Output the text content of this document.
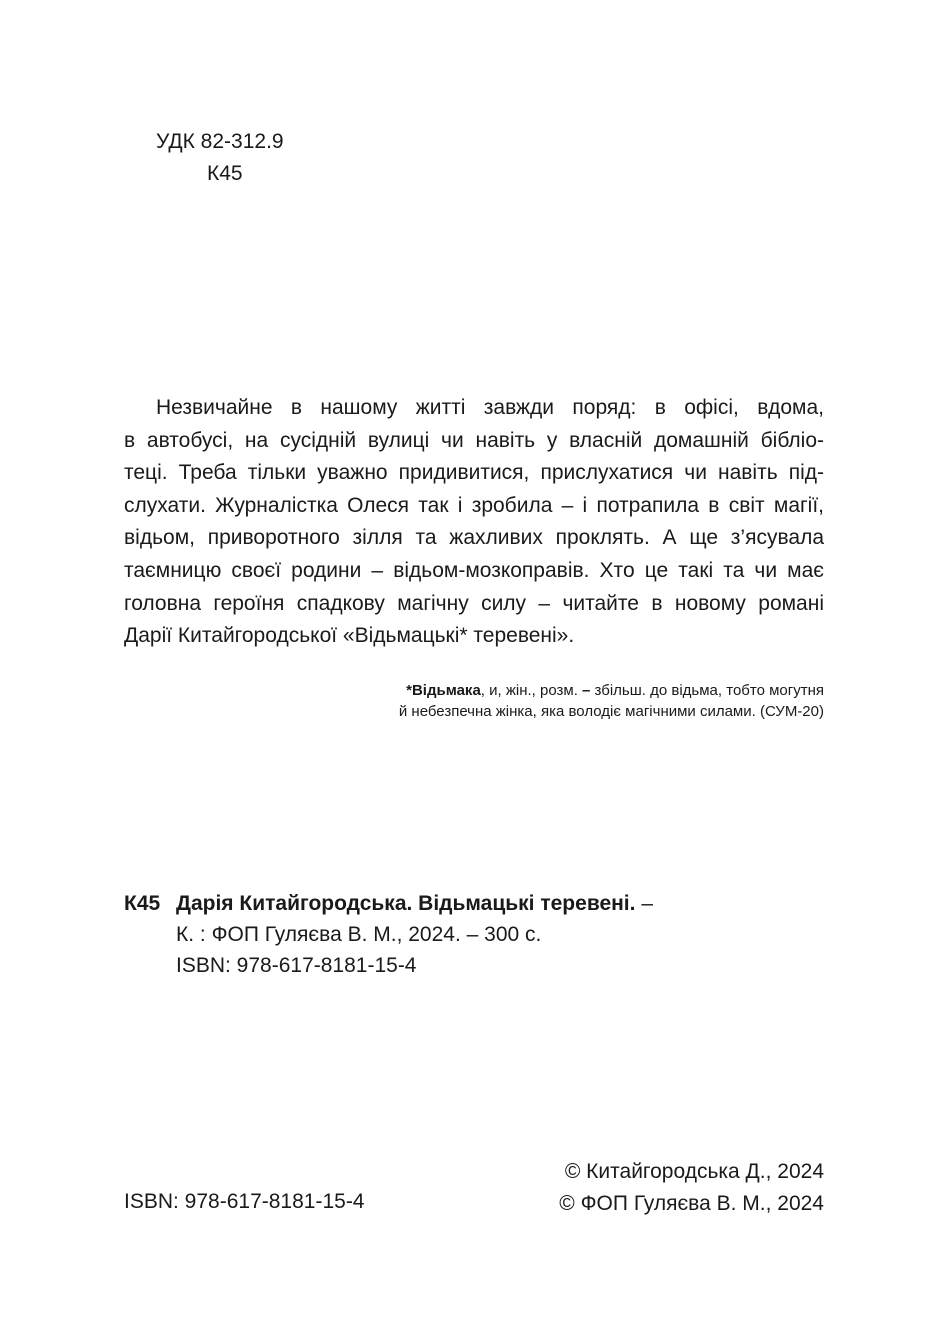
УДК 82-312.9
К45
Незвичайне в нашому житті завжди поряд: в офісі, вдома,
в автобусі, на сусідній вулиці чи навіть у власній домашній бібліо-
теці. Треба тільки уважно придивитися, прислухатися чи навіть під-
слухати. Журналістка Олеся так і зробила – і потрапила в світ магії,
відьом, приворотного зілля та жахливих проклять. А ще з’ясувала
таємницю своєї родини – відьом-мозкоправів. Хто це такі та чи має
головна героїня спадкову магічну силу – читайте в новому романі
Дарії Китайгородської «Відьмацькі* теревені».
*Відьмака, и, жін., розм. – збільш. до відьма, тобто могутня
й небезпечна жінка, яка володіє магічними силами. (СУМ-20)
К45 Дарія Китайгородська. Відьмацькі теревені. –
К. : ФОП Гуляєва В. М., 2024. – 300 с.
ISBN: 978-617-8181-15-4
ISBN: 978-617-8181-15-4
© Китайгородська Д., 2024
© ФОП Гуляєва В. М., 2024
